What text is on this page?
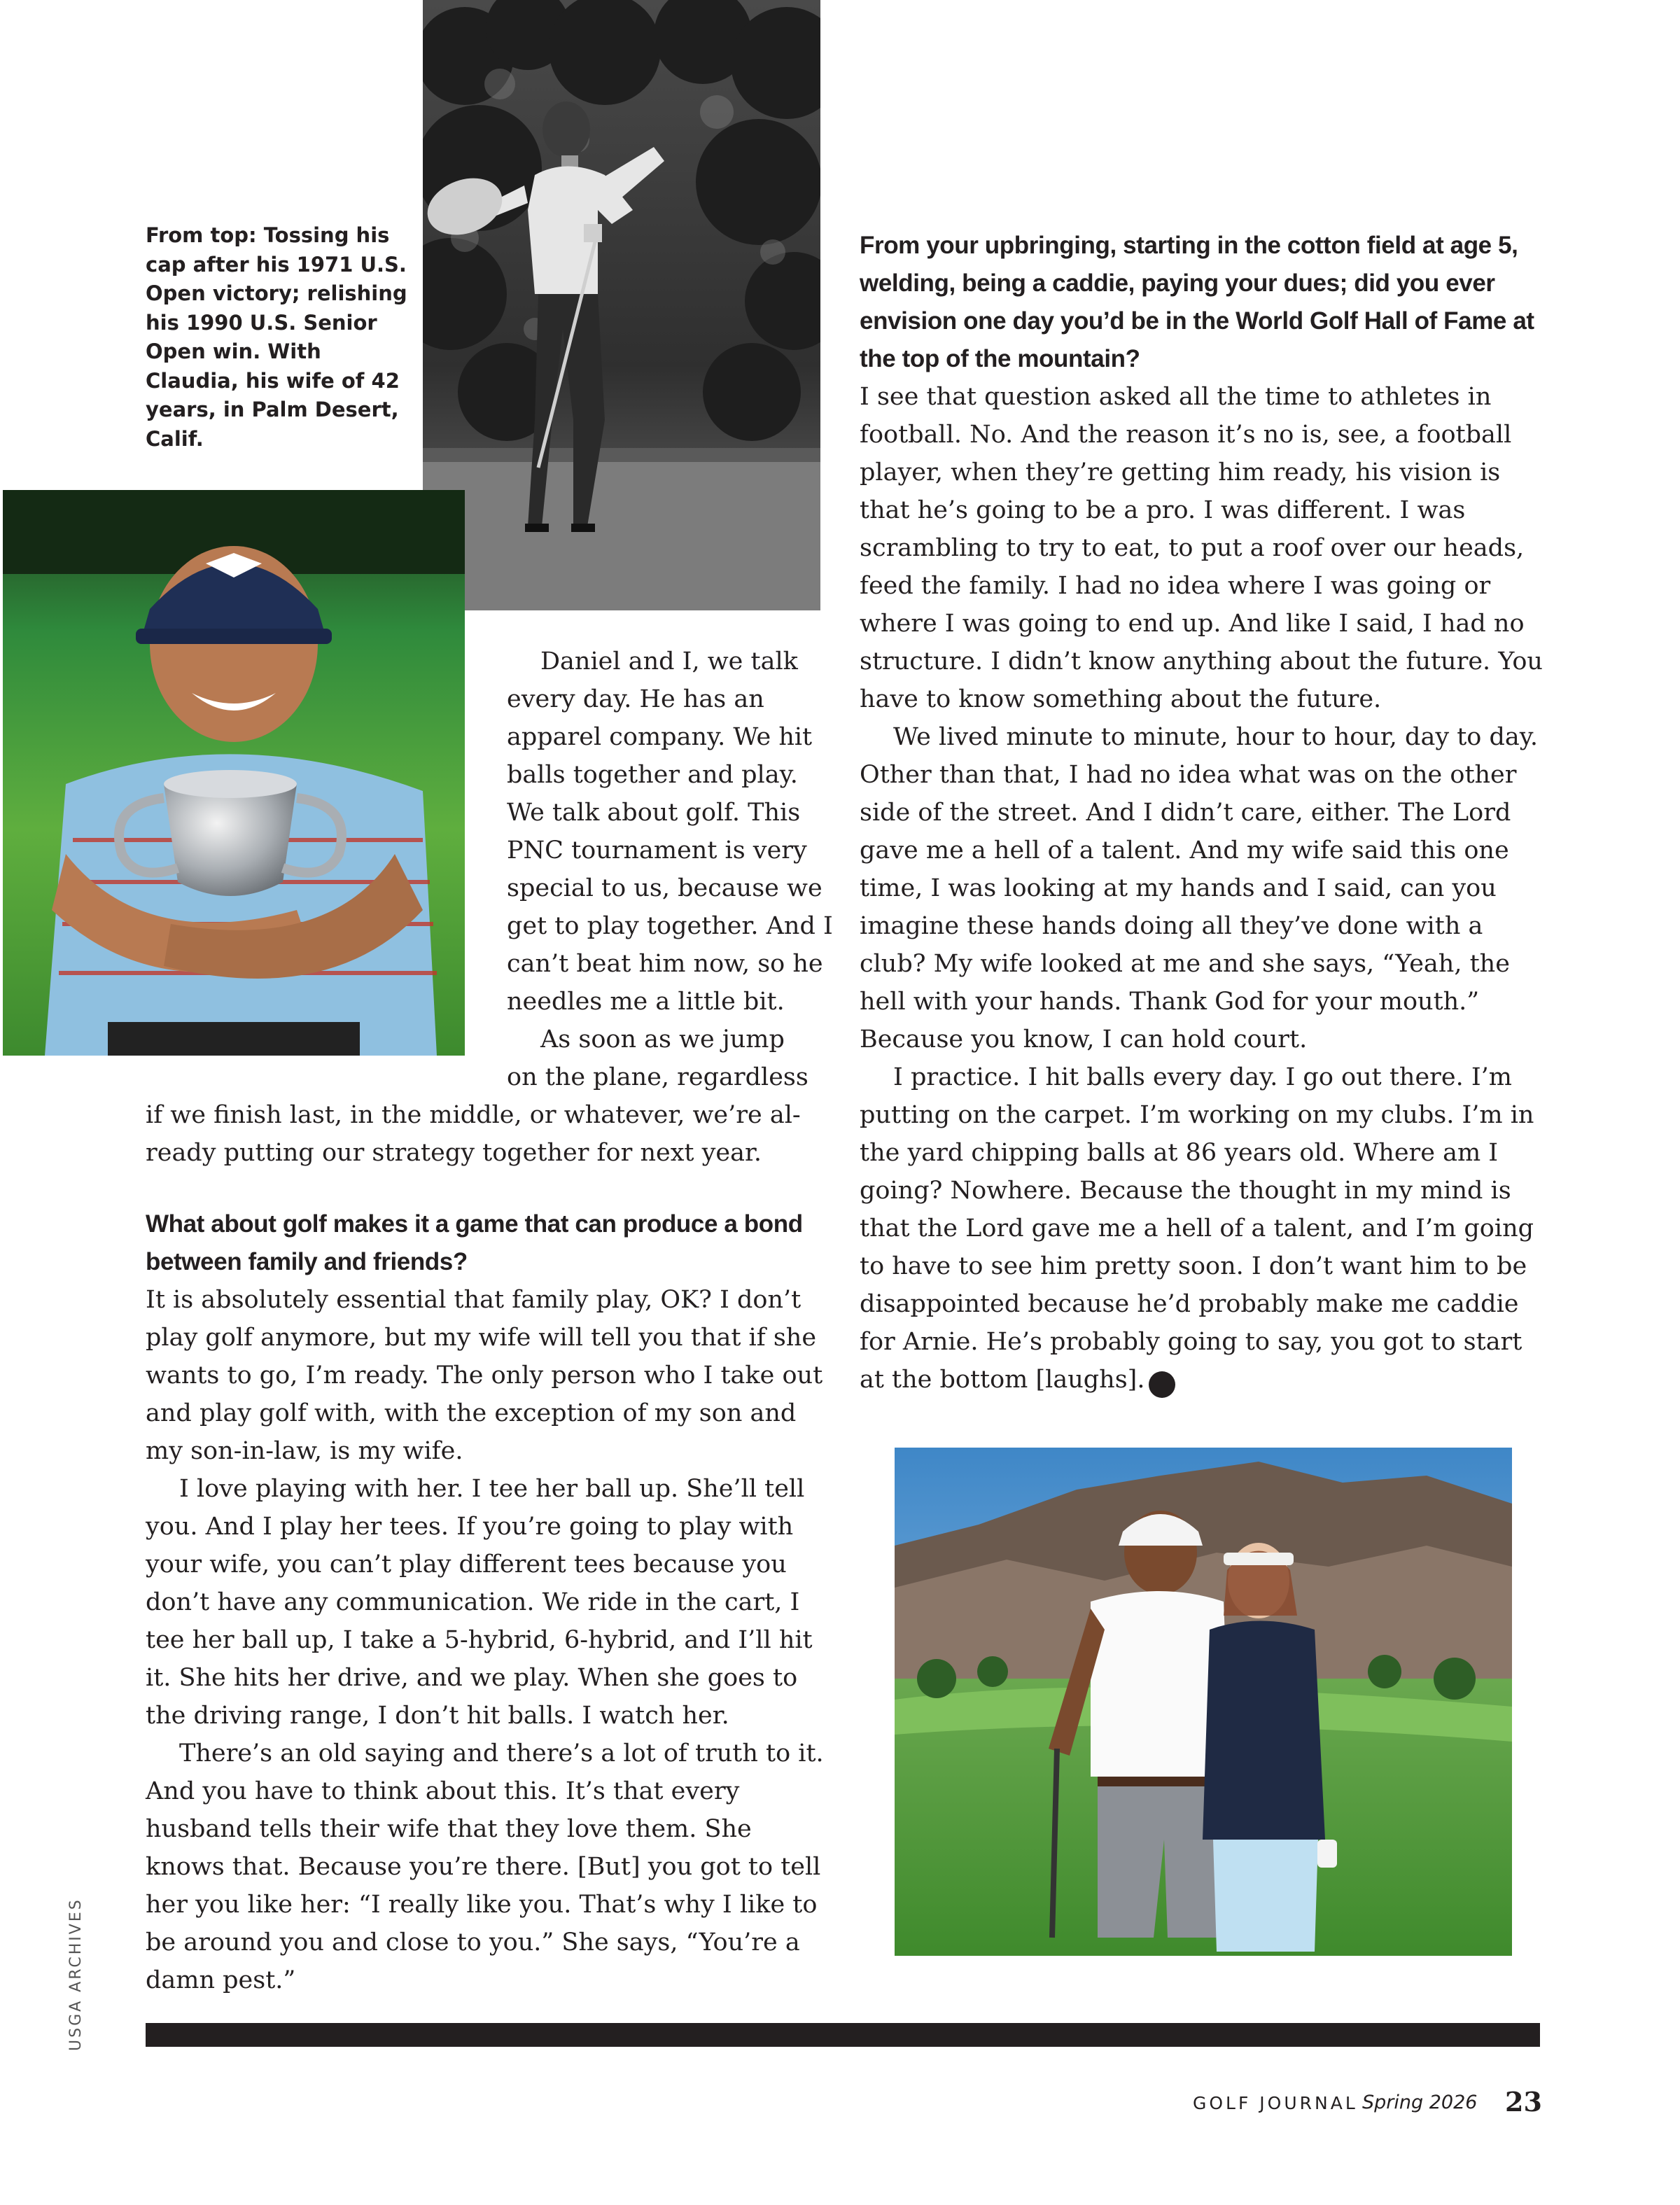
From top: Tossing his cap after his 1971 U.S. Open victory; relishing his 1990 U.S. Senior Open win. With Claudia, his wife of 42 years, in Palm Desert, Calif.

Daniel and I, we talk
every day. He has an
apparel company. We hit
balls together and play.
We talk about golf. This
PNC tournament is very
special to us, because we
get to play together. And I
can’t beat him now, so he
needles me a little bit.
As soon as we jump
on the plane, regardless
if we finish last, in the middle, or whatever, we’re al-
ready putting our strategy together for next year.

What about golf makes it a game that can produce a bond between family and friends?

It is absolutely essential that family play, OK? I don’t play golf anymore, but my wife will tell you that if she wants to go, I’m ready. The only person who I take out and play golf with, with the exception of my son and my son-in-law, is my wife.

I love playing with her. I tee her ball up. She’ll tell you. And I play her tees. If you’re going to play with your wife, you can’t play different tees because you don’t have any communication. We ride in the cart, I tee her ball up, I take a 5-hybrid, 6-hybrid, and I’ll hit it. She hits her drive, and we play. When she goes to the driving range, I don’t hit balls. I watch her.

There’s an old saying and there’s a lot of truth to it. And you have to think about this. It’s that every husband tells their wife that they love them. She knows that. Because you’re there. [But] you got to tell her you like her: “I really like you. That’s why I like to be around you and close to you.” She says, “You’re a damn pest.”

From your upbringing, starting in the cotton field at age 5, welding, being a caddie, paying your dues; did you ever envision one day you’d be in the World Golf Hall of Fame at the top of the mountain?

I see that question asked all the time to athletes in football. No. And the reason it’s no is, see, a football player, when they’re getting him ready, his vision is that he’s going to be a pro. I was different. I was scrambling to try to eat, to put a roof over our heads, feed the family. I had no idea where I was going or where I was going to end up. And like I said, I had no structure. I didn’t know anything about the future. You have to know something about the future.

We lived minute to minute, hour to hour, day to day. Other than that, I had no idea what was on the other side of the street. And I didn’t care, either. The Lord gave me a hell of a talent. And my wife said this one time, I was looking at my hands and I said, can you imagine these hands doing all they’ve done with a club? My wife looked at me and she says, “Yeah, the hell with your hands. Thank God for your mouth.” Because you know, I can hold court.

I practice. I hit balls every day. I go out there. I’m putting on the carpet. I’m working on my clubs. I’m in the yard chipping balls at 86 years old. Where am I going? Nowhere. Because the thought in my mind is that the Lord gave me a hell of a talent, and I’m going to have to see him pretty soon. I don’t want him to be disappointed because he’d probably make me caddie for Arnie. He’s probably going to say, you got to start at the bottom [laughs]. G

USGA ARCHIVES
GOLF JOURNAL Spring 2026 23
